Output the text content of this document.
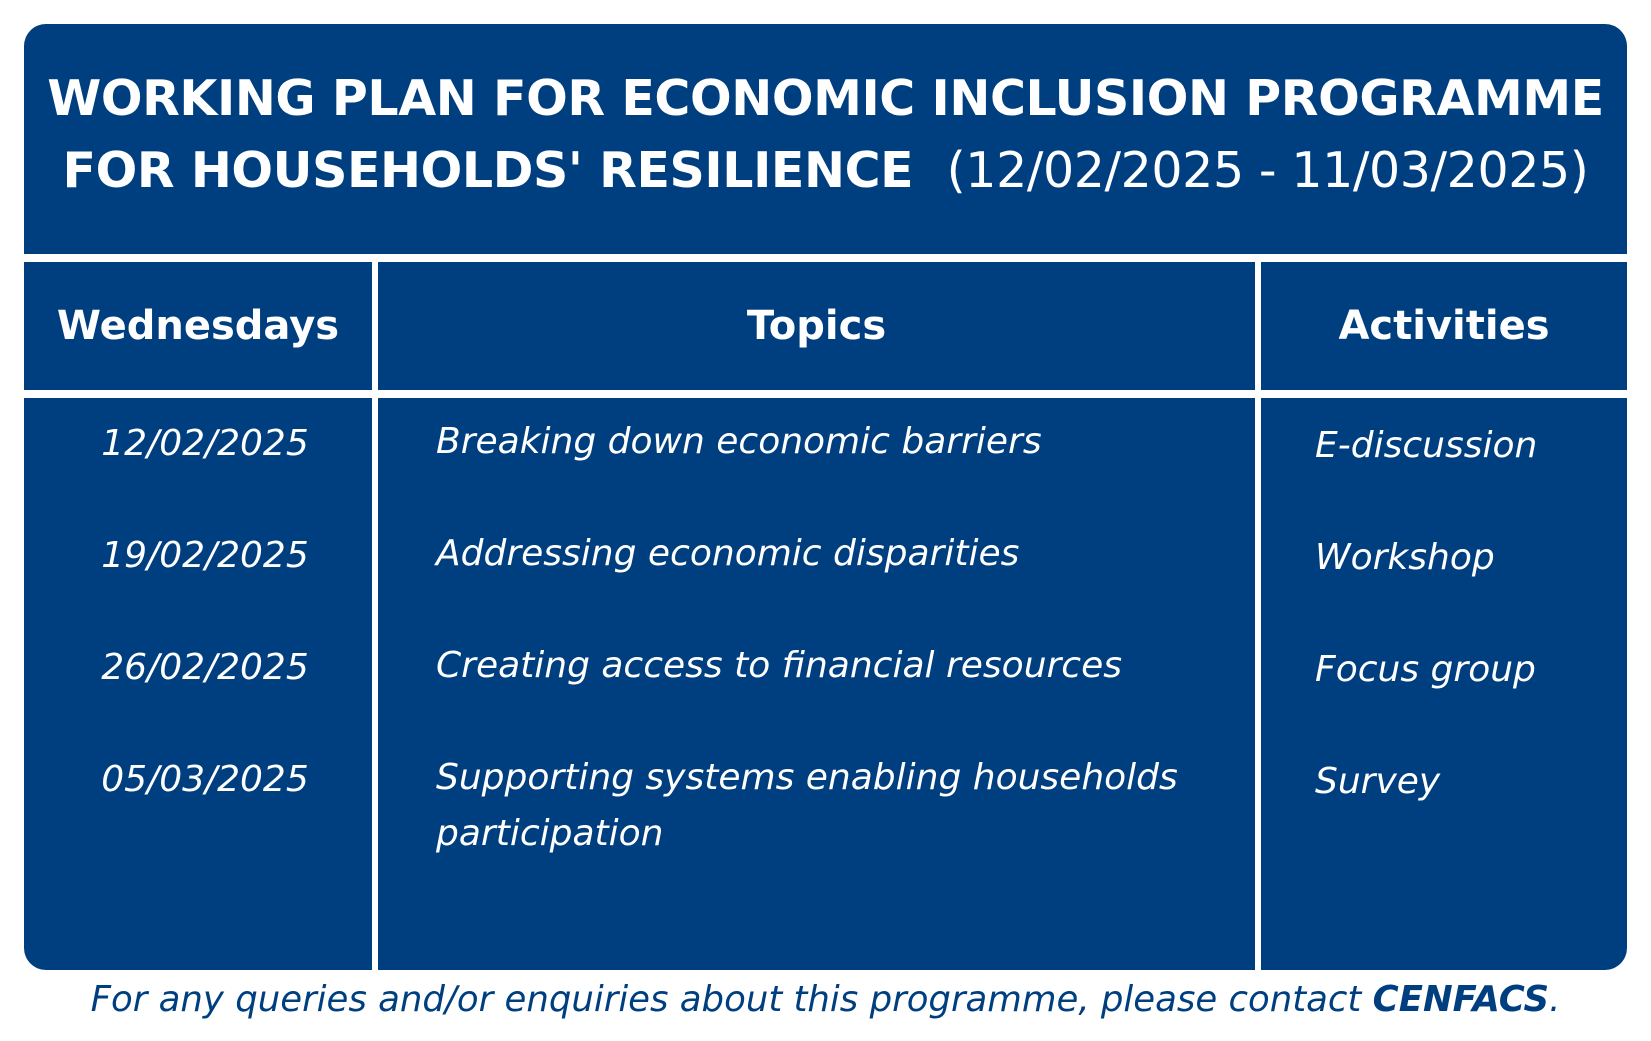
WORKING PLAN FOR ECONOMIC INCLUSION PROGRAMME
FOR HOUSEHOLDS' RESILIENCE (12/02/2025 - 11/03/2025)
Wednesdays	Topics	Activities
12/02/2025
19/02/2025
26/02/2025
05/03/2025
Breaking down economic barriers
Addressing economic disparities
Creating access to financial resources
Supporting systems enabling households
participation
E-discussion
Workshop
Focus group
Survey
For any queries and/or enquiries about this programme, please contact CENFACS.
